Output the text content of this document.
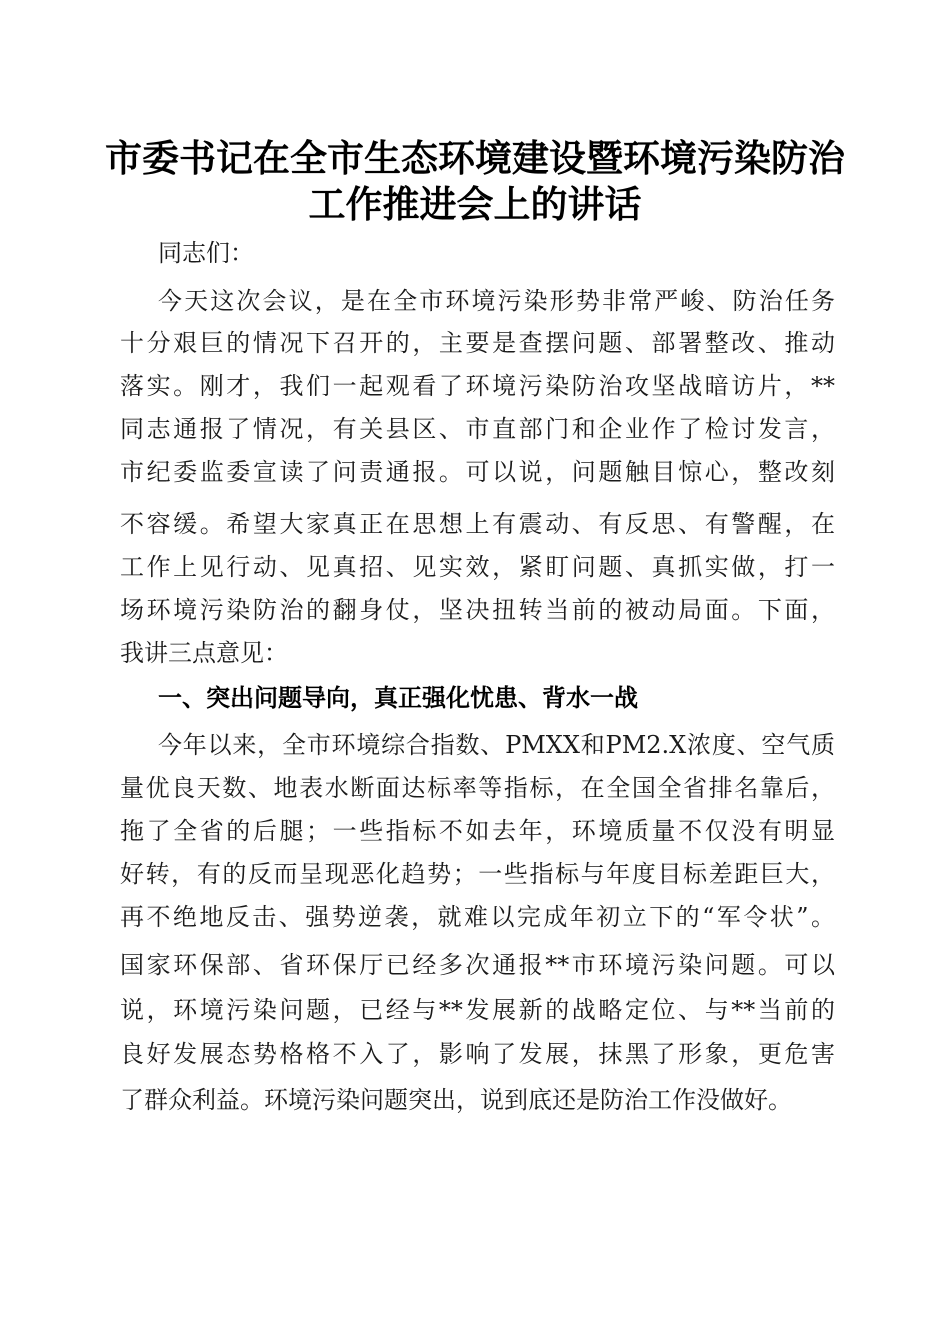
市委书记在全市生态环境建设暨环境污染防治
工作推进会上的讲话
同志们：
今天这次会议，是在全市环境污染形势非常严峻、防治任务
十分艰巨的情况下召开的，主要是查摆问题、部署整改、推动
落实。刚才，我们一起观看了环境污染防治攻坚战暗访片，**
同志通报了情况，有关县区、市直部门和企业作了检讨发言，
市纪委监委宣读了问责通报。可以说，问题触目惊心，整改刻
不容缓。希望大家真正在思想上有震动、有反思、有警醒，在
工作上见行动、见真招、见实效，紧盯问题、真抓实做，打一
场环境污染防治的翻身仗，坚决扭转当前的被动局面。下面，
我讲三点意见：
一、突出问题导向，真正强化忧患、背水一战
今年以来，全市环境综合指数、PMXX和PM2.X浓度、空气质
量优良天数、地表水断面达标率等指标，在全国全省排名靠后，
拖了全省的后腿；一些指标不如去年，环境质量不仅没有明显
好转，有的反而呈现恶化趋势；一些指标与年度目标差距巨大，
再不绝地反击、强势逆袭，就难以完成年初立下的“军令状”。
国家环保部、省环保厅已经多次通报**市环境污染问题。可以
说，环境污染问题，已经与**发展新的战略定位、与**当前的
良好发展态势格格不入了，影响了发展，抹黑了形象，更危害
了群众利益。环境污染问题突出，说到底还是防治工作没做好。
